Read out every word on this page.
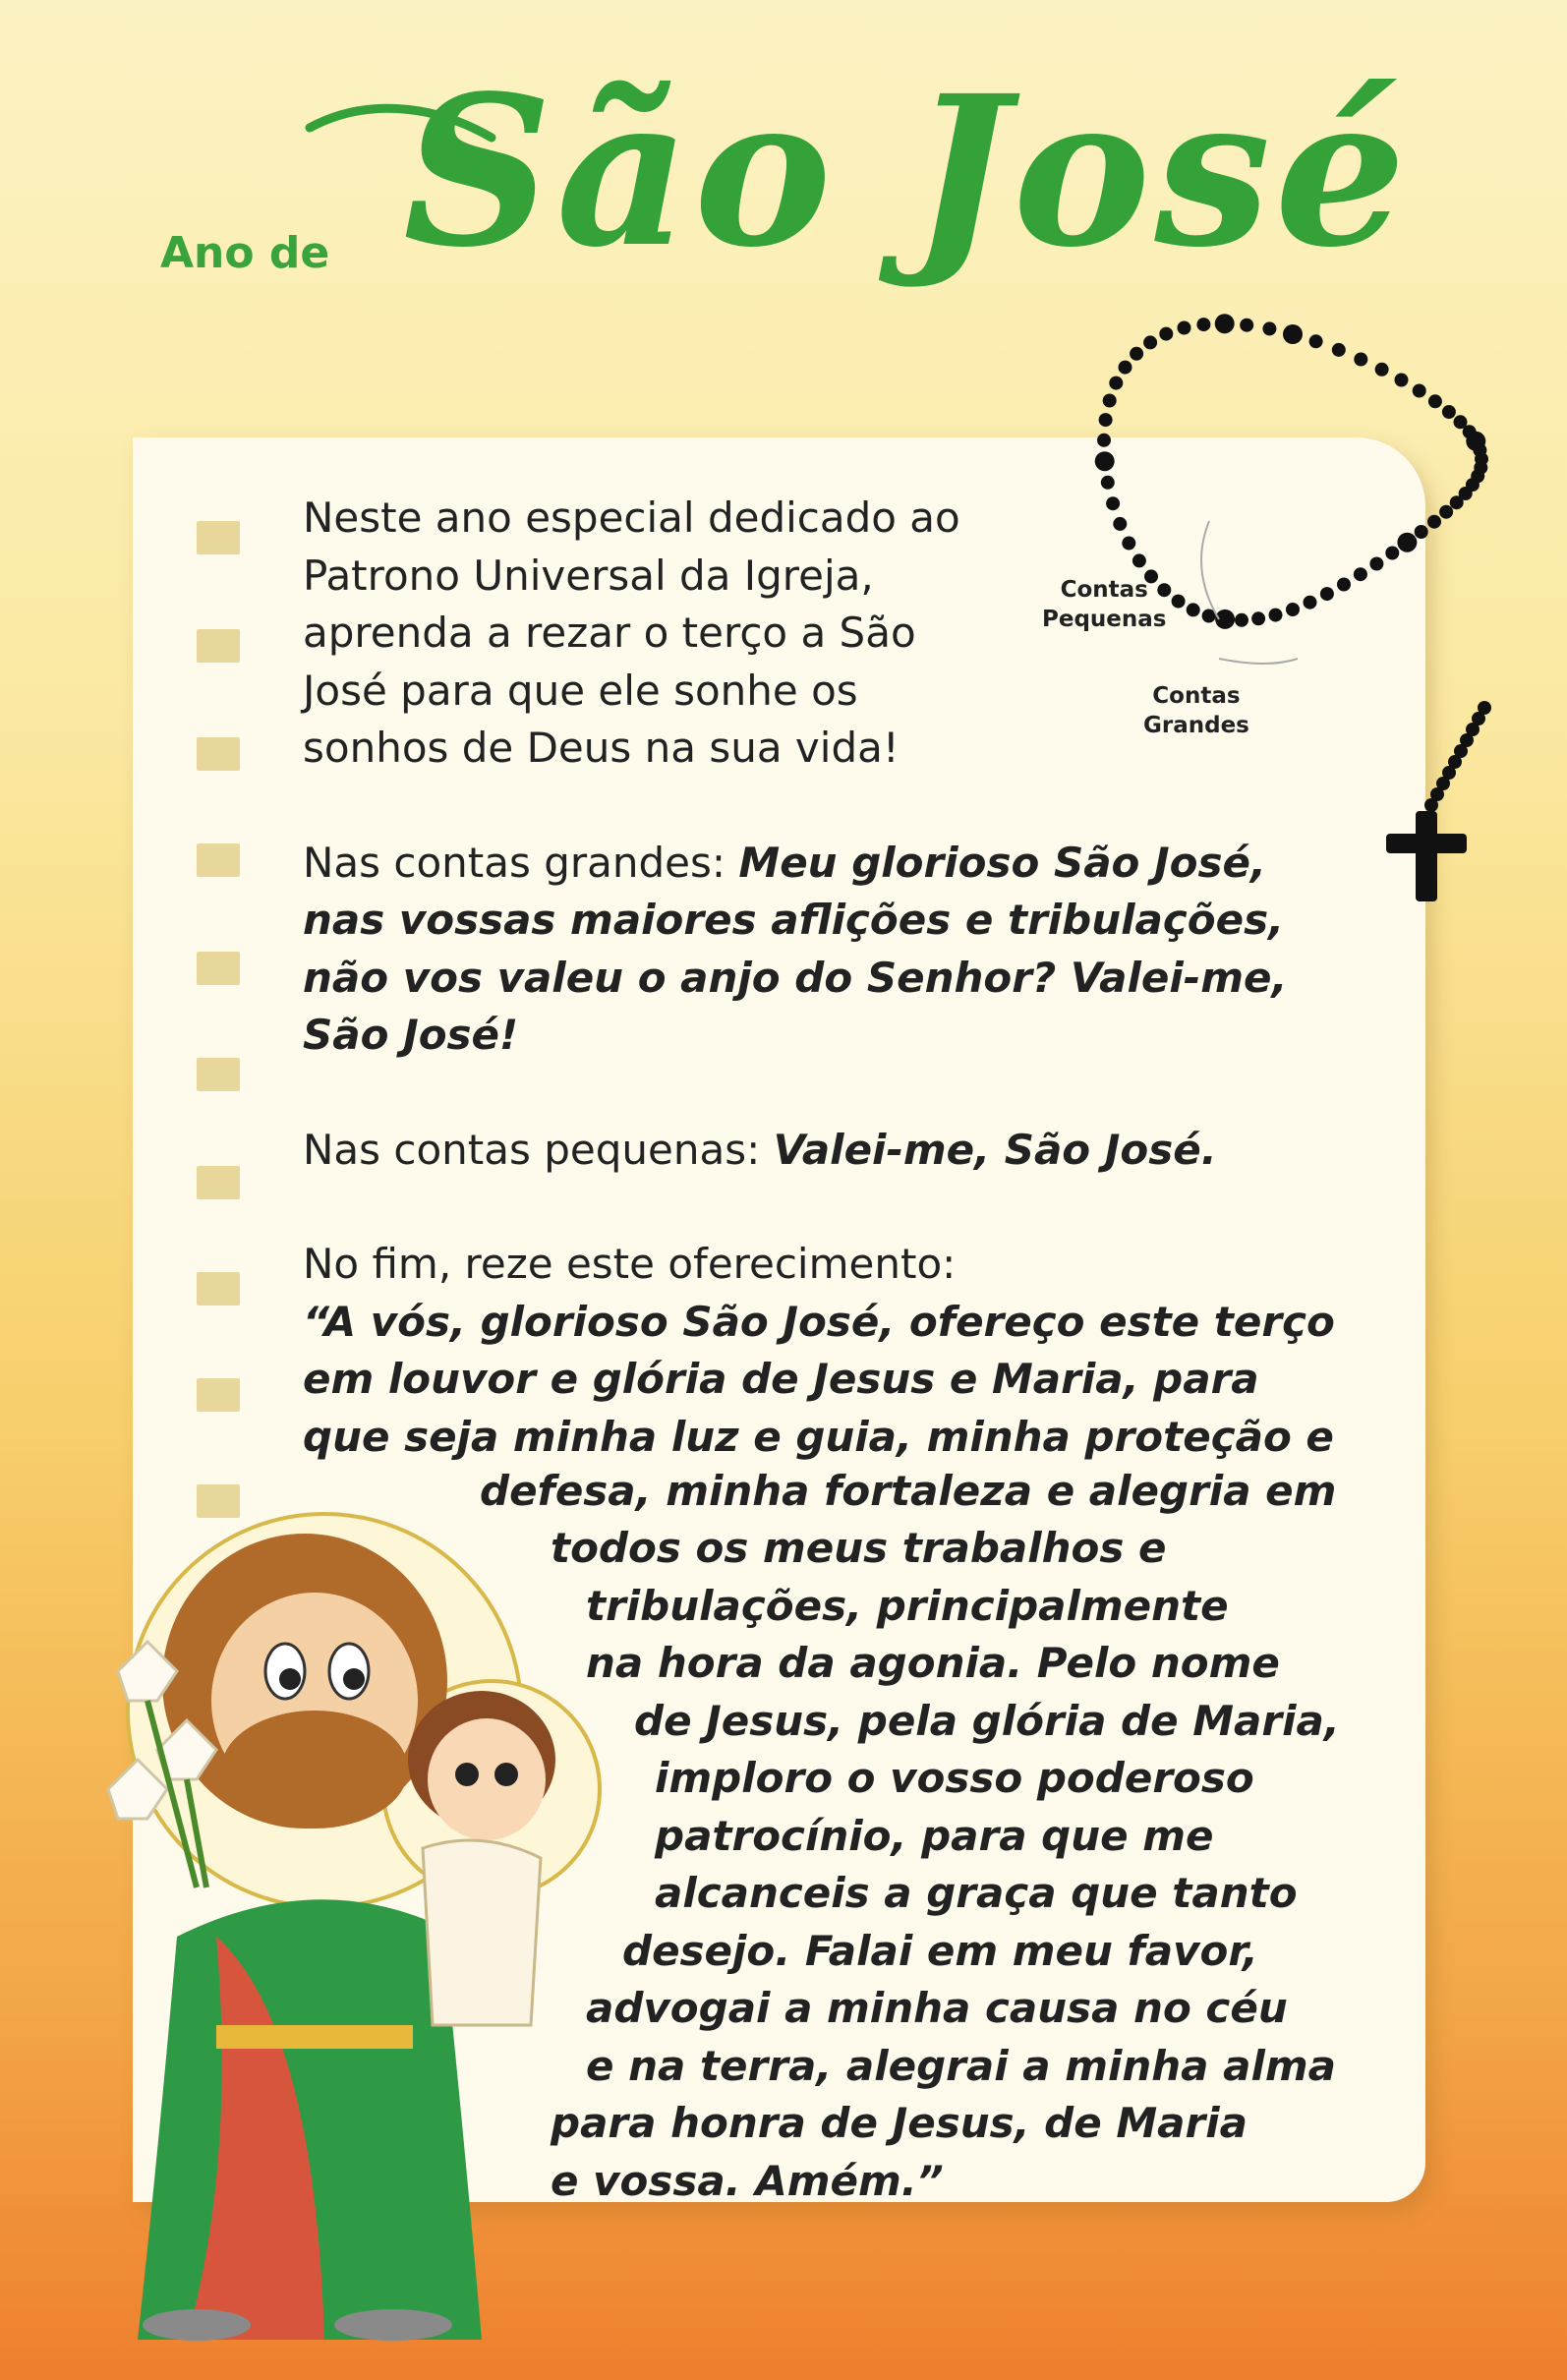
Ano de São José
Contas
Pequenas
Contas
Grandes

Neste ano especial dedicado ao

Patrono Universal da Igreja,

aprenda a rezar o terço a São

José para que ele sonhe os

sonhos de Deus na sua vida!

Nas contas grandes: Meu glorioso São José,

nas vossas maiores aflições e tribulações,

não vos valeu o anjo do Senhor? Valei-me,

São José!

Nas contas pequenas: Valei-me, São José.

No fim, reze este oferecimento:

“A vós, glorioso São José, ofereço este terço

em louvor e glória de Jesus e Maria, para

que seja minha luz e guia, minha proteção e

defesa, minha fortaleza e alegria em
todos os meus trabalhos e
tribulações, principalmente
na hora da agonia. Pelo nome
de Jesus, pela glória de Maria,
imploro o vosso poderoso
patrocínio, para que me
alcanceis a graça que tanto
desejo. Falai em meu favor,
advogai a minha causa no céu
e na terra, alegrai a minha alma
para honra de Jesus, de Maria
e vossa. Amém.”
